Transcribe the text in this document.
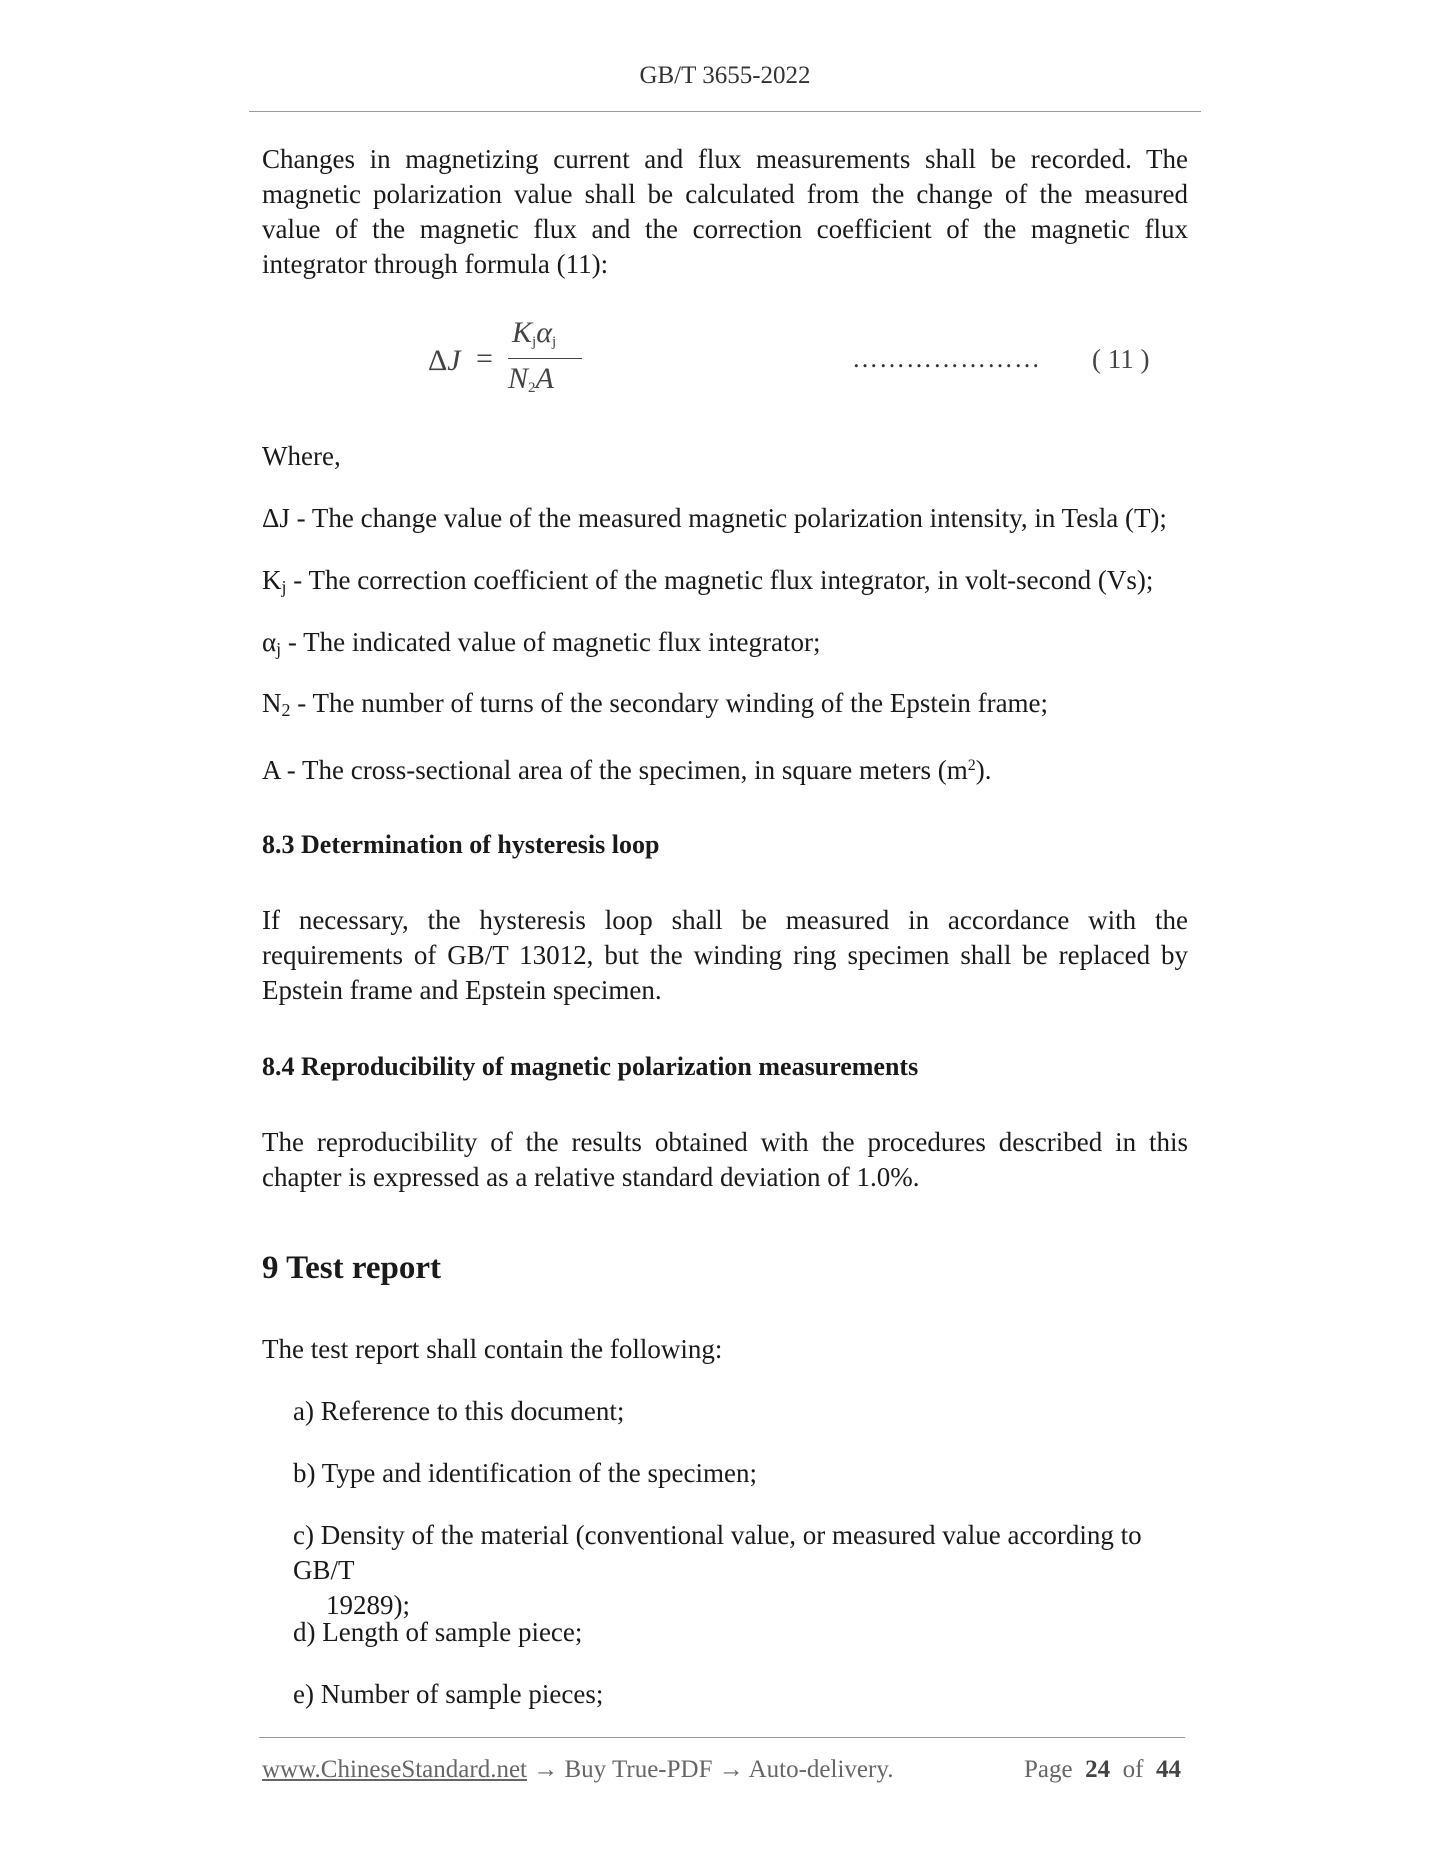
GB/T 3655-2022
Changes in magnetizing current and flux measurements shall be recorded. The magnetic polarization value shall be calculated from the change of the measured value of the magnetic flux and the correction coefficient of the magnetic flux integrator through formula (11):
ΔJ =
$K_j\alpha_j$
$N_2A$
………………… ( 11 )
Where,
ΔJ - The change value of the measured magnetic polarization intensity, in Tesla (T);
$K_j$ - The correction coefficient of the magnetic flux integrator, in volt-second (Vs);
$\alpha_j$ - The indicated value of magnetic flux integrator;
$N_2$ - The number of turns of the secondary winding of the Epstein frame;
A - The cross-sectional area of the specimen, in square meters $(m^2)$.
8.3 Determination of hysteresis loop
If necessary, the hysteresis loop shall be measured in accordance with the requirements of GB/T 13012, but the winding ring specimen shall be replaced by Epstein frame and Epstein specimen.
8.4 Reproducibility of magnetic polarization measurements
The reproducibility of the results obtained with the procedures described in this chapter is expressed as a relative standard deviation of 1.0%.
9 Test report
The test report shall contain the following:
a) Reference to this document;
b) Type and identification of the specimen;
c) Density of the material (conventional value, or measured value according to GB/T
19289);
d) Length of sample piece;
e) Number of sample pieces;
www.ChineseStandard.net → Buy True-PDF → Auto-delivery.	Page 24 of 44
